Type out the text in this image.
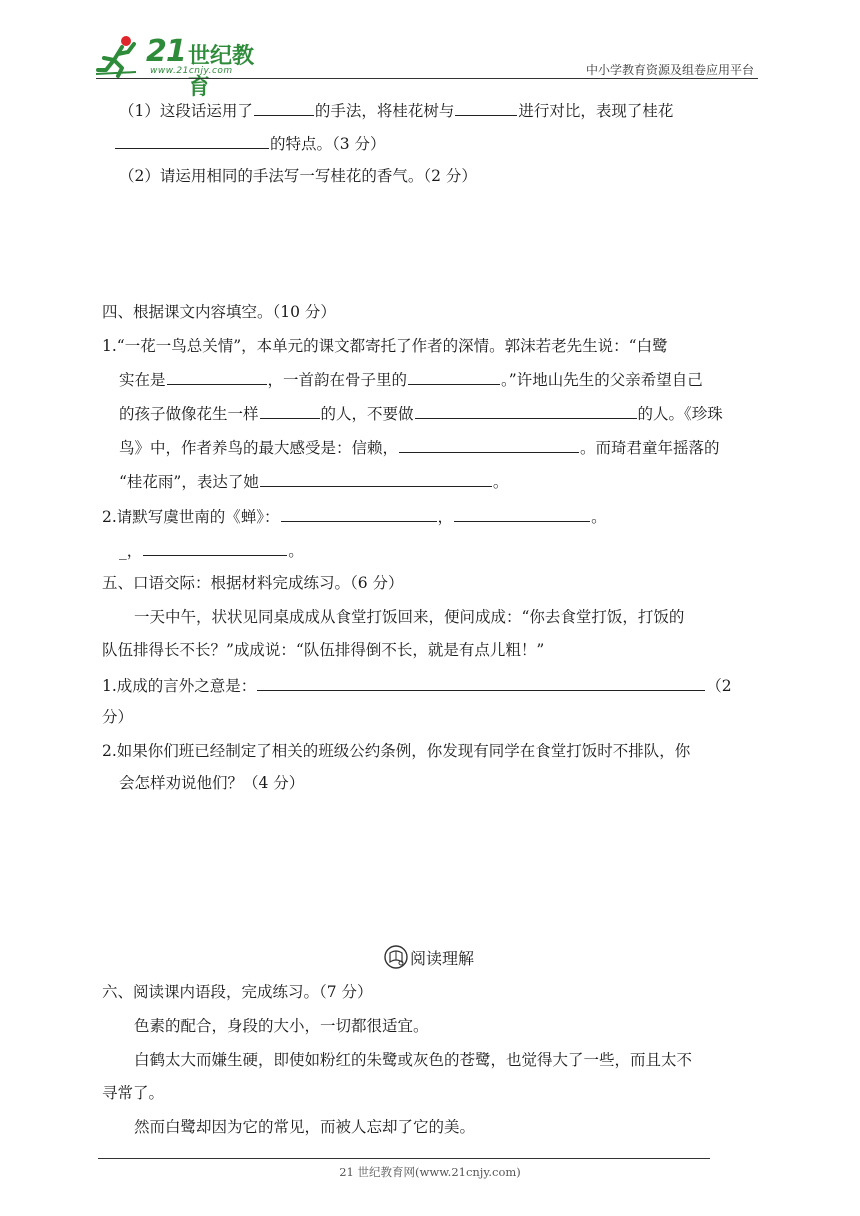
21 世纪教育
www.21cnjy.com	中小学教育资源及组卷应用平台
（1）这段话运用了	的手法，将桂花树与	进行对比，表现了桂花
的特点。（3 分）
（2）请运用相同的手法写一写桂花的香气。（2 分）
四、根据课文内容填空。（10 分）
1.“一花一鸟总关情”，本单元的课文都寄托了作者的深情。郭沫若老先生说：“白鹭
实在是	，一首韵在骨子里的	。”许地山先生的父亲希望自己
的孩子做像花生一样	的人，不要做	的人。《珍珠
鸟》中，作者养鸟的最大感受是：信赖，	。而琦君童年摇落的
“桂花雨”，表达了她	。
2.请默写虞世南的《蝉》：	，	。
_，	。
五、口语交际：根据材料完成练习。（6 分）
一天中午，状状见同桌成成从食堂打饭回来，便问成成：“你去食堂打饭，打饭的
队伍排得长不长？”成成说：“队伍排得倒不长，就是有点儿粗！”
1.成成的言外之意是：	（2
分）
2.如果你们班已经制定了相关的班级公约条例，你发现有同学在食堂打饭时不排队，你
会怎样劝说他们？（4 分）
阅读理解
六、阅读课内语段，完成练习。（7 分）
色素的配合，身段的大小，一切都很适宜。
白鹤太大而嫌生硬，即使如粉红的朱鹭或灰色的苍鹭，也觉得大了一些，而且太不
寻常了。
然而白鹭却因为它的常见，而被人忘却了它的美。
21 世纪教育网(www.21cnjy.com)
